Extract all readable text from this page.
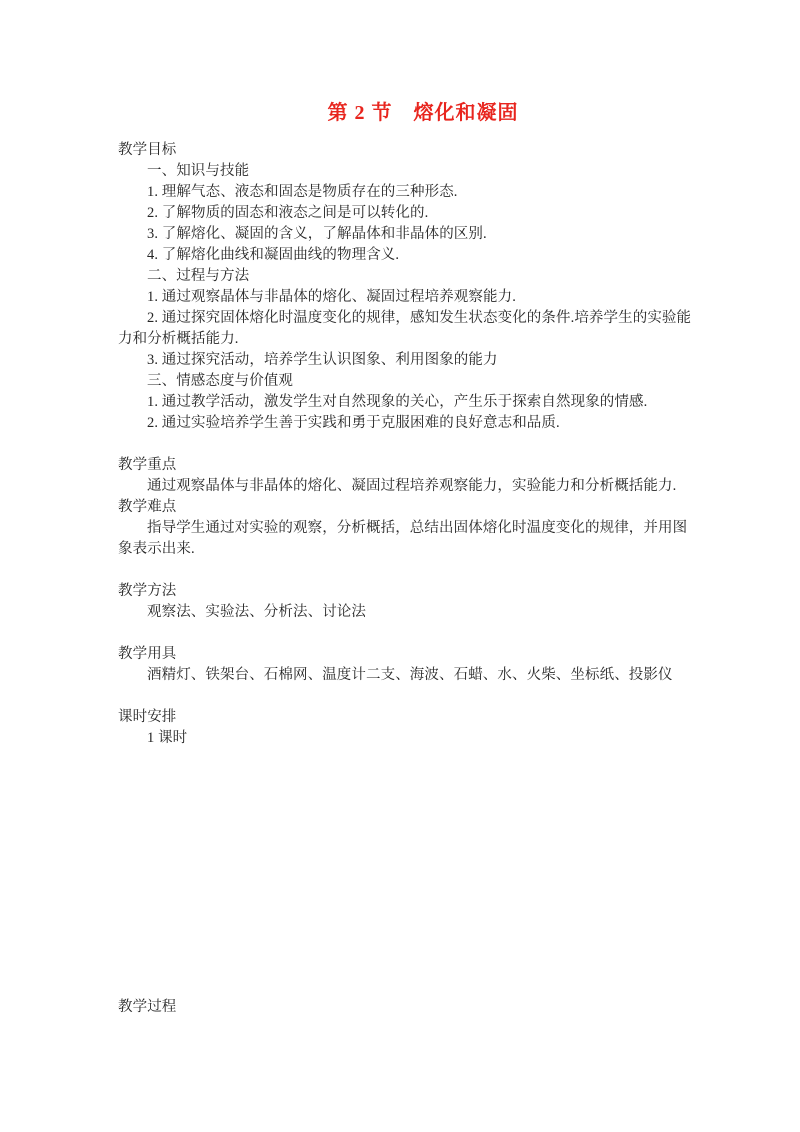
第 2 节　熔化和凝固
教学目标
一、知识与技能
1. 理解气态、液态和固态是物质存在的三种形态.
2. 了解物质的固态和液态之间是可以转化的.
3. 了解熔化、凝固的含义，了解晶体和非晶体的区别.
4. 了解熔化曲线和凝固曲线的物理含义.
二、过程与方法
1. 通过观察晶体与非晶体的熔化、凝固过程培养观察能力.
2. 通过探究固体熔化时温度变化的规律，感知发生状态变化的条件.培养学生的实验能
力和分析概括能力.
3. 通过探究活动，培养学生认识图象、利用图象的能力
三、情感态度与价值观
1. 通过教学活动，激发学生对自然现象的关心，产生乐于探索自然现象的情感.
2. 通过实验培养学生善于实践和勇于克服困难的良好意志和品质.
教学重点
通过观察晶体与非晶体的熔化、凝固过程培养观察能力，实验能力和分析概括能力.
教学难点
指导学生通过对实验的观察，分析概括，总结出固体熔化时温度变化的规律，并用图
象表示出来.
教学方法
观察法、实验法、分析法、讨论法
教学用具
酒精灯、铁架台、石棉网、温度计二支、海波、石蜡、水、火柴、坐标纸、投影仪
课时安排
1 课时
教学过程
